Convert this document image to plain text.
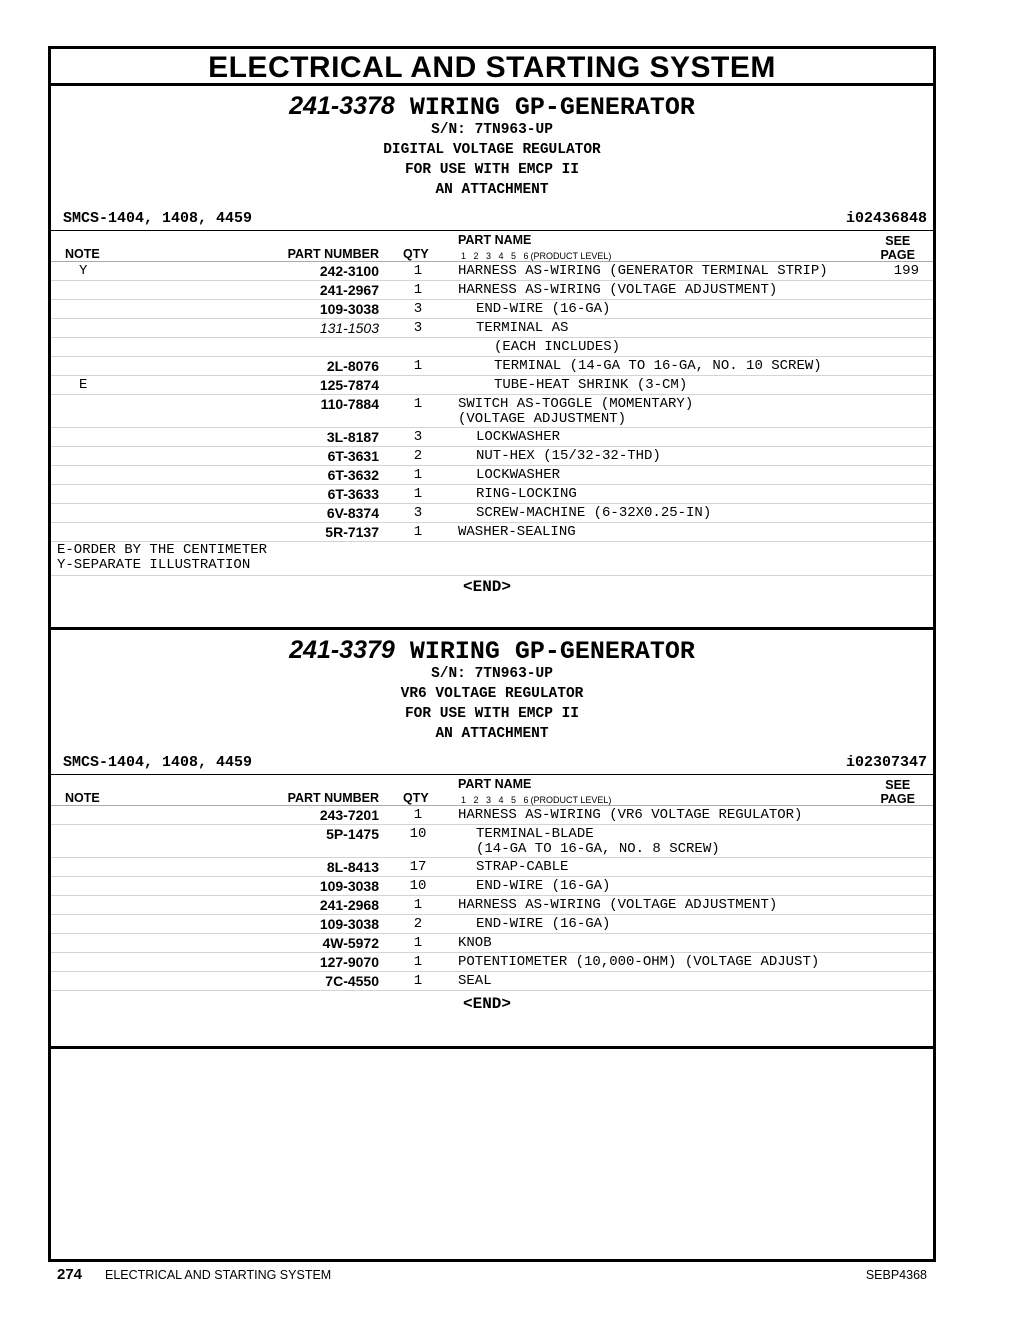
ELECTRICAL AND STARTING SYSTEM
241-3378 WIRING GP-GENERATOR
S/N: 7TN963-UP
DIGITAL VOLTAGE REGULATOR
FOR USE WITH EMCP II
AN ATTACHMENT
SMCS-1404, 1408, 4459	i02436848
NOTE	PART NUMBER QTY
PART NAME
1 2 3 4 5 6 (PRODUCT LEVEL)
SEE
PAGE
Y	242-3100	1	HARNESS AS-WIRING (GENERATOR TERMINAL STRIP)	199
241-2967	1	HARNESS AS-WIRING (VOLTAGE ADJUSTMENT)
109-3038	3	END-WIRE (16-GA)
131-1503	3	TERMINAL AS
(EACH INCLUDES)
2L-8076	1	TERMINAL (14-GA TO 16-GA, NO. 10 SCREW)
E	125-7874	TUBE-HEAT SHRINK (3-CM)
110-7884	1	SWITCH AS-TOGGLE (MOMENTARY)
(VOLTAGE ADJUSTMENT)
3L-8187	3	LOCKWASHER
6T-3631	2	NUT-HEX (15/32-32-THD)
6T-3632	1	LOCKWASHER
6T-3633	1	RING-LOCKING
6V-8374	3	SCREW-MACHINE (6-32X0.25-IN)
5R-7137	1	WASHER-SEALING
E-ORDER BY THE CENTIMETER
Y-SEPARATE ILLUSTRATION
<END>
241-3379 WIRING GP-GENERATOR
S/N: 7TN963-UP
VR6 VOLTAGE REGULATOR
FOR USE WITH EMCP II
AN ATTACHMENT
SMCS-1404, 1408, 4459	i02307347
NOTE	PART NUMBER QTY
PART NAME
1 2 3 4 5 6 (PRODUCT LEVEL)
SEE
PAGE
243-7201	1	HARNESS AS-WIRING (VR6 VOLTAGE REGULATOR)
5P-1475	10	TERMINAL-BLADE
(14-GA TO 16-GA, NO. 8 SCREW)
8L-8413	17	STRAP-CABLE
109-3038	10	END-WIRE (16-GA)
241-2968	1	HARNESS AS-WIRING (VOLTAGE ADJUSTMENT)
109-3038	2	END-WIRE (16-GA)
4W-5972	1	KNOB
127-9070	1	POTENTIOMETER (10,000-OHM) (VOLTAGE ADJUST)
7C-4550	1	SEAL
<END>
274 ELECTRICAL AND STARTING SYSTEM	SEBP4368
